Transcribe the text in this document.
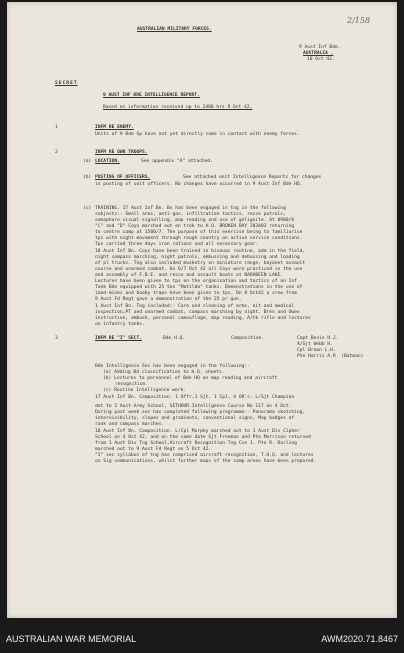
2/158
AUSTRALIAN MILITARY FORCES.
9 Aust Inf Bde.
AUSTRALIA .
10 Oct 42.
SECRET
9 AUST INF BDE INTELLIGENCE REPORT.
Based on information received up to 2400 hrs 9 Oct 42.
1	INFM RE ENEMY.
Units of 9 Bde Gp have not yet directly come in contact with enemy forces.
2	INFM RE OWN TROOPS.
(a) LOCATION.	See appendix "A" attached.
(b) POSTING OF OFFICERS.	See attached unit Intelligence Reports for changes
in posting of unit officers. No changes have occurred in 9 Aust Inf Bde HQ.
(c) TRAINING. 17 Aust Inf Bn. Bn has been engaged in tng in the following
subjects:- Small arms, anti-gas, infiltration tactics, recce patrols,
semaphore visual signalling, map reading and use of gelignite. At 0900/6
"C" and "D" Coys marched out on trek to H.Q. BROKEN BAY 283403 returning
to centre camp at 1500/7. The purpose of this exercise being to familiarise
tps with night movement through rough country on active service conditions.
Tps carried three days iron rations and all necessary gear.
18 Aust Inf Bn. Coys have been trained in bivouac routine, adm in the field,
night compass marching, night patrols, embussing and debussing and loading
of pl trucks. Tng also included musketry on miniature range, bayonet assault
course and unarmed combat. On 6/7 Oct 42 all Coys were practiced in the use
and assembly of F.B.E. and recce and assault boats at NARABEEN LAKE.
Lectures have been given to tps on the organisation and tactics of an Inf
Tank Bde equipped with 25 ton "Matilda" tanks. Demonstrations in the use of
land-mines and booby traps have been given to tps. On 8 Oct42 a crew from
9 Aust Fd Regt gave a demonstration of the 25 pr gun.
1 Aust Inf Bn. Tng included:- Care and cleaning of arms, kit and medical
inspection,PT and unarmed combat, compass marching by night, Bren and Owen
instruction, ambush, personal camouflage, map reading, A/tk rifle and lectures
on infantry tanks.
3	INFM RE "I" SECT.	Bde H.Q.	Composition.	Capt Bevis H.J.
A/Sjt Webb H.
Cpl Brown L.H.
Pte Harris A.R. (Batman)
Bde Intelligence Sec has been engaged in the following:-
(a) Adding Bd classification to H.Q. sheets.
(b) Lectures to personnel of Bde HQ on map reading and aircraft
recognition.
(c) Routine Intelligence work.
17 Aust Inf Bn. Composition. 1 Offr,1 Sjt, 1 Cpl, 4 OR's. L/Sjt Champion
det to 2 Aust Army School, SETHOUR.Intelligence Course No 117 on 4 Oct.
During past week sec has completed following programme:- Panorama sketching,
intervisibility, slopes and gradients, conventional signs, Map badges of
rank and compass marches.
18 Aust Inf Bn. Composition. L/Cpl Murphy marched out to 1 Aust Div Cipher
School on 4 Oct 42, and on the same date Sjt Freeman and Pte Morrison returned
from 1 Aust Div Tng School,Aircraft Recognition Tng Cse 1. Pte R. Darling
marched out to 9 Aust Fd Regt on 5 Oct 42.
"I" sec syllabus of tng has comprised aircraft recognition, T.H.Q. and lectures
on Sig communications, whilst further maps of the camp areas have been prepared.
AUSTRALIAN WAR MEMORIAL	AWM2020.71.8467
